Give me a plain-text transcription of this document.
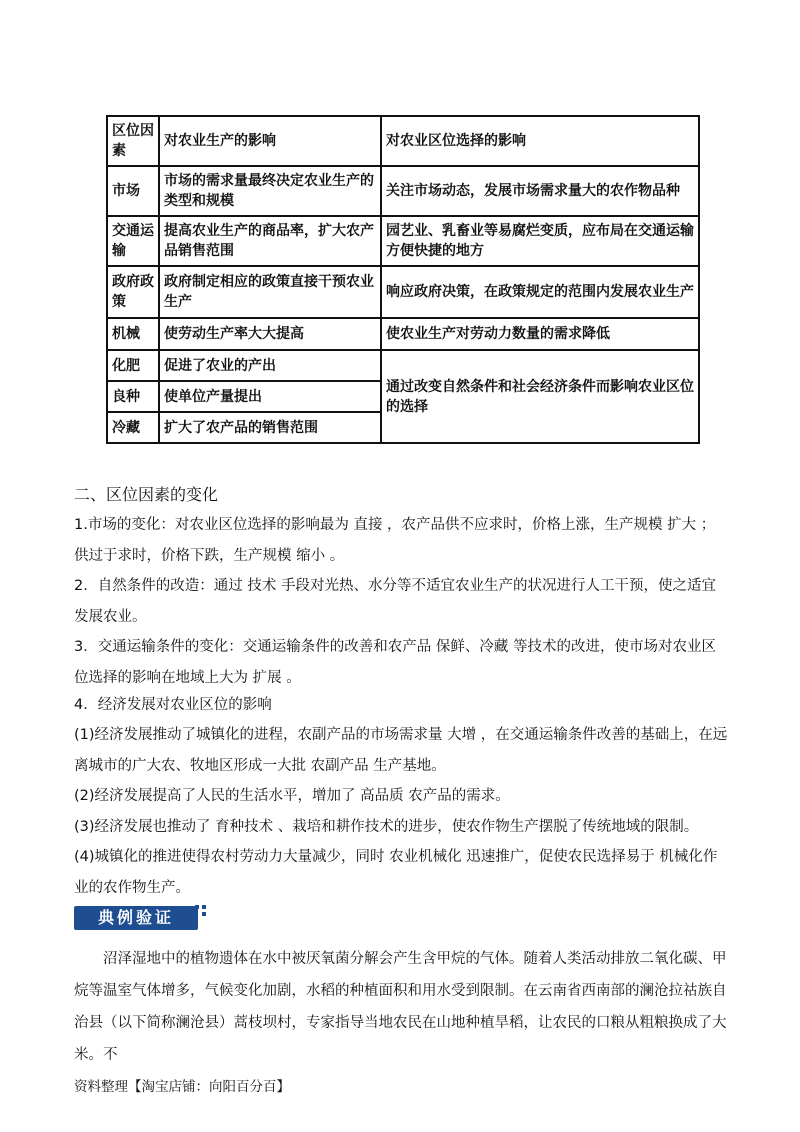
区位因素	对农业生产的影响	对农业区位选择的影响
市场	市场的需求量最终决定农业生产的类型和规模	关注市场动态，发展市场需求量大的农作物品种
交通运输	提高农业生产的商品率，扩大农产品销售范围	园艺业、乳畜业等易腐烂变质，应布局在交通运输方便快捷的地方
政府政策	政府制定相应的政策直接干预农业生产	响应政府决策，在政策规定的范围内发展农业生产
机械	使劳动生产率大大提高	使农业生产对劳动力数量的需求降低
化肥	促进了农业的产出	通过改变自然条件和社会经济条件而影响农业区位的选择
良种	使单位产量提出	
冷藏	扩大了农产品的销售范围	
二、区位因素的变化

1.市场的变化：对农业区位选择的影响最为 直接 ，农产品供不应求时，价格上涨，生产规模 扩大 ；供过于求时，价格下跌，生产规模 缩小 。

2．自然条件的改造：通过 技术 手段对光热、水分等不适宜农业生产的状况进行人工干预，使之适宜发展农业。

3．交通运输条件的变化：交通运输条件的改善和农产品 保鲜、冷藏 等技术的改进，使市场对农业区位选择的影响在地域上大为 扩展 。

4．经济发展对农业区位的影响

(1)经济发展推动了城镇化的进程，农副产品的市场需求量 大增 ，在交通运输条件改善的基础上，在远离城市的广大农、牧地区形成一大批 农副产品 生产基地。

(2)经济发展提高了人民的生活水平，增加了 高品质 农产品的需求。

(3)经济发展也推动了 育种技术 、栽培和耕作技术的进步，使农作物生产摆脱了传统地域的限制。

(4)城镇化的推进使得农村劳动力大量减少，同时 农业机械化 迅速推广，促使农民选择易于 机械化作业的农作物生产。

典例验证

沼泽湿地中的植物遗体在水中被厌氧菌分解会产生含甲烷的气体。随着人类活动排放二氧化碳、甲烷等温室气体增多，气候变化加剧，水稻的种植面积和用水受到限制。在云南省西南部的澜沧拉祜族自治县（以下简称澜沧县）蒿枝坝村，专家指导当地农民在山地种植旱稻，让农民的口粮从粗粮换成了大米。不

资料整理【淘宝店铺：向阳百分百】
